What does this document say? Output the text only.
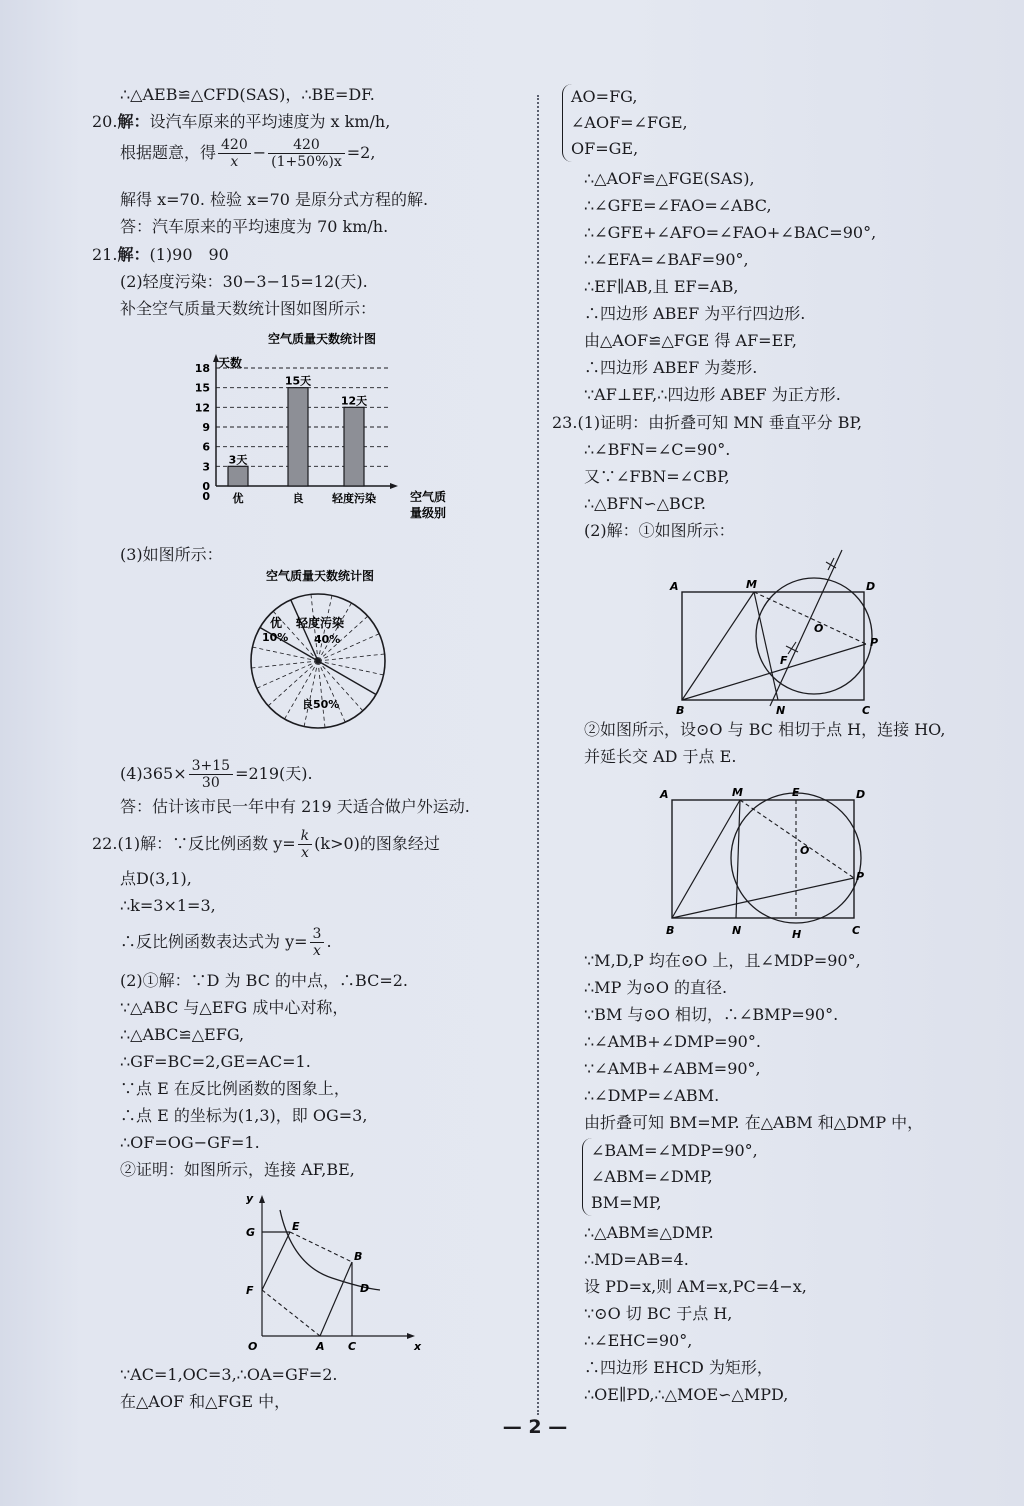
∴△AEB≌△CFD(SAS)，∴BE=DF.
20.解：设汽车原来的平均速度为 x km/h,
根据题意，得 $\frac{420}{x} - \frac{420}{(1+50\%)x} =2$,
解得 x=70. 检验 x=70 是原分式方程的解.
答：汽车原来的平均速度为 70 km/h.
21.解：(1)90　90
(2)轻度污染：30−3−15=12(天).
补全空气质量天数统计图如图所示：
空气质量天数统计图
天数
0
3
6
9
12
15
18
3天
优
15天
良
12天
轻度污染
0	空气质
量级别
(3)如图所示：
空气质量天数统计图
优
10%
轻度污染
40%
良50%
$(4)365\times \frac{3+15}{30} =219$(天).
答：估计该市民一年中有 219 天适合做户外运动.
22.(1)解：∵反比例函数 $y= \frac{k}{x} (k>0)$的图象经过
点D(3,1),
∴k=3×1=3,
∴反比例函数表达式为 $y= \frac{3}{x}$ .
(2)①解：∵D 为 BC 的中点，∴BC=2.
∵△ABC 与△EFG 成中心对称，
∴△ABC≌△EFG,
∴GF=BC=2,GE=AC=1.
∵点 E 在反比例函数的图象上，
∴点 E 的坐标为(1,3)，即 OG=3,
∴OF=OG−GF=1.
②证明：如图所示，连接 AF,BE,
y
E
G
B
D
F
O	A C	x
∵AC=1,OC=3,∴OA=GF=2.
在△AOF 和△FGE 中，
AO=FG,
∠AOF=∠FGE,
OF=GE,
∴△AOF≌△FGE(SAS),
∴∠GFE=∠FAO=∠ABC,
∴∠GFE+∠AFO=∠FAO+∠BAC=90°,
∴∠EFA=∠BAF=90°,
∴EF∥AB,且 EF=AB,
∴四边形 ABEF 为平行四边形.
由△AOF≌△FGE 得 AF=EF,
∴四边形 ABEF 为菱形.
∵AF⊥EF,∴四边形 ABEF 为正方形.
23.(1)证明：由折叠可知 MN 垂直平分 BP,
∴∠BFN=∠C=90°.
又∵∠FBN=∠CBP,
∴△BFN∽△BCP.
(2)解：①如图所示：
A	M	D
O
P
F
B	N	C
②如图所示，设⊙O 与 BC 相切于点 H，连接 HO,
并延长交 AD 于点 E.
A	M	E	D
O
P
B	N	H	C
∵M,D,P 均在⊙O 上，且∠MDP=90°,
∴MP 为⊙O 的直径.
∵BM 与⊙O 相切，∴∠BMP=90°.
∴∠AMB+∠DMP=90°.
∵∠AMB+∠ABM=90°,
∴∠DMP=∠ABM.
由折叠可知 BM=MP. 在△ABM 和△DMP 中，
∠BAM=∠MDP=90°,
∠ABM=∠DMP,
BM=MP,
∴△ABM≌△DMP.
∴MD=AB=4.
设 PD=x,则 AM=x,PC=4−x,
∵⊙O 切 BC 于点 H,
∴∠EHC=90°,
∴四边形 EHCD 为矩形，
∴OE∥PD,∴△MOE∽△MPD,
— 2 —
